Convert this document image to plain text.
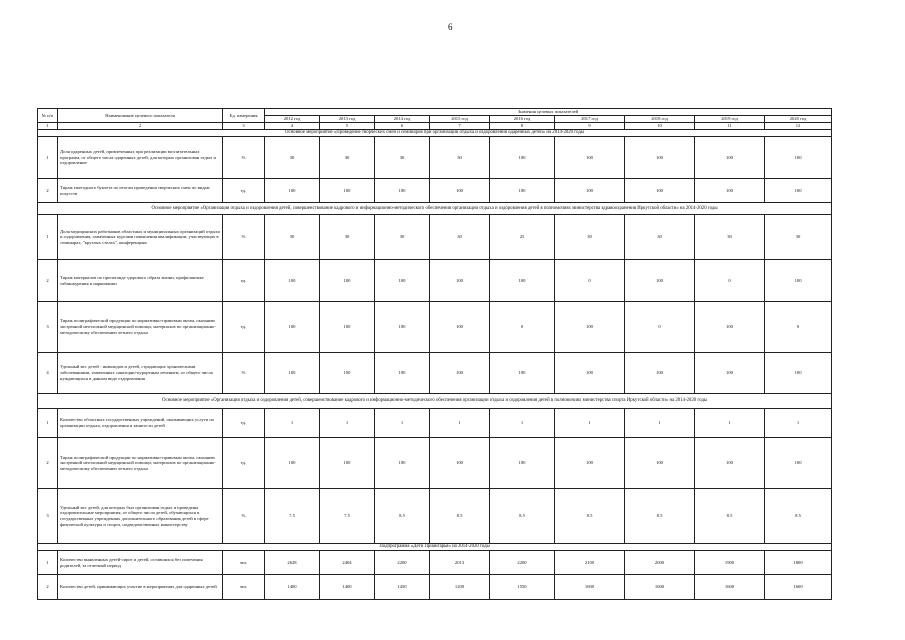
6
№ п/п	Наименование целевого показателя	Ед. измерения	Значения целевых показателей								
			2012 год	2013 год	2014 год	2015 год	2016 год	2017 год	2018 год	2019 год	2020 год
1	2	3	4	5	6	7	8	9	10	11	12
Основное мероприятие «Проведение творческих смен и семинаров при организации отдыха и оздоровления одаренных детей» на 2014-2020 годы											
1	Доля одаренных детей, привлеченных при реализации воспитательных программ, от общего числа одаренных детей, для которых организован отдых и оздоровление	%	30	30	30	30	100	100	100	100	100
2	Тираж ежегодного буклета по итогам проведения творческих смен по видам искусств	ед.	100	100	100	100	100	100	100	100	100
Основное мероприятие «Организация отдыха и оздоровления детей, совершенствование кадрового и информационно-методического обеспечения организации отдыха и оздоровления детей в полномочиях министерства здравоохранения Иркутской области» на 2014-2020 годы											
1	Доля медицинских работников областных и муниципальных организаций отдыха и оздоровления, охваченных курсами повышения квалификации, участвующих в семинарах, "круглых столах", конференциях	%	30	30	30	30	25	30	30	30	30
2	Тираж материалов по пропаганде здорового образа жизни, профилактике табакокурения и наркомании	ед.	100	100	100	100	100	0	100	0	100
3	Тираж полиграфической продукции по нормативно-правовым актам, оказанию экстренной неотложной медицинской помощи, материалов по организационно-методическому обеспечению летнего отдыха	ед.	100	100	100	100	0	100	0	100	0
4	Удельный вес детей - инвалидов и детей, страдающих хроническими заболеваниями, охваченных санаторно-курортным лечением, от общего числа нуждающихся в данном виде оздоровления	%	100	100	100	100	100	100	100	100	100
Основное мероприятие «Организация отдыха и оздоровления детей, совершенствование кадрового и информационно-методического обеспечения организации отдыха и оздоровления детей в полномочиях министерства спорта Иркутской области» на 2014-2020 годы											
1	Количество областных государственных учреждений, оказывающих услуги по организации отдыха, оздоровления и занятости детей	ед.	1	1	1	1	1	1	1	1	1
2	Тираж полиграфической продукции по нормативно-правовым актам, оказанию экстренной неотложной медицинской помощи, материалов по организационно-методическому обеспечению летнего отдыха	ед.	100	100	100	100	100	100	100	100	100
3	Удельный вес детей, для которых был организован отдых и проведены оздоровительные мероприятия, от общего числа детей, обучающихся в государственных учреждениях дополнительного образования детей в сфере физической культуры и спорта, подведомственных министерству	%	7.5	7.5	8.5	8.5	8.5	8.5	8.5	8.5	8.5
Подпрограмма «Дети Приангарья» на 2014-2020 годы											
1	Количество выявленных детей-сирот и детей, оставшихся без попечения родителей, за отчетный период	чел.	2628	2404	2200	2013	2200	2100	2000	1900	1800
2	Количество детей, принимающих участие в мероприятиях для одаренных детей	чел.	1400	1400	1450	1200	1550	1600	1600	1600	1600
